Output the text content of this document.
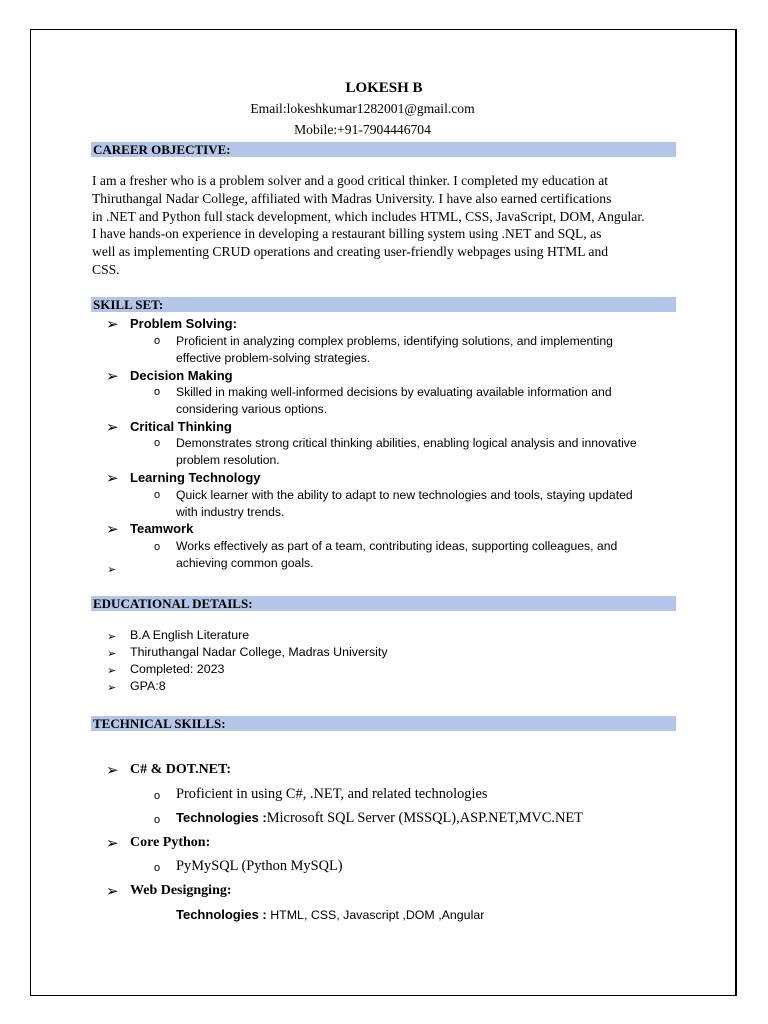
LOKESH B
Email:lokeshkumar1282001@gmail.com
Mobile:+91-7904446704
CAREER OBJECTIVE:
I am a fresher who is a problem solver and a good critical thinker. I completed my education at
Thiruthangal Nadar College, affiliated with Madras University. I have also earned certifications
in .NET and Python full stack development, which includes HTML, CSS, JavaScript, DOM, Angular.
I have hands-on experience in developing a restaurant billing system using .NET and SQL, as
well as implementing CRUD operations and creating user-friendly webpages using HTML and
CSS.
SKILL SET:
➢ Problem Solving:
o Proficient in analyzing complex problems, identifying solutions, and implementing
effective problem-solving strategies.
➢ Decision Making
o Skilled in making well-informed decisions by evaluating available information and
considering various options.
➢ Critical Thinking
o Demonstrates strong critical thinking abilities, enabling logical analysis and innovative
problem resolution.
➢ Learning Technology
o Quick learner with the ability to adapt to new technologies and tools, staying updated
with industry trends.
➢ Teamwork
o Works effectively as part of a team, contributing ideas, supporting colleagues, and
achieving common goals.
➢
EDUCATIONAL DETAILS:
➢ B.A English Literature
➢ Thiruthangal Nadar College, Madras University
➢ Completed: 2023
➢ GPA:8
TECHNICAL SKILLS:
➢ C# & DOT.NET:
o Proficient in using C#, .NET, and related technologies
o Technologies :Microsoft SQL Server (MSSQL),ASP.NET,MVC.NET
➢ Core Python:
o PyMySQL (Python MySQL)
➢ Web Designging:
Technologies : HTML, CSS, Javascript ,DOM ,Angular
